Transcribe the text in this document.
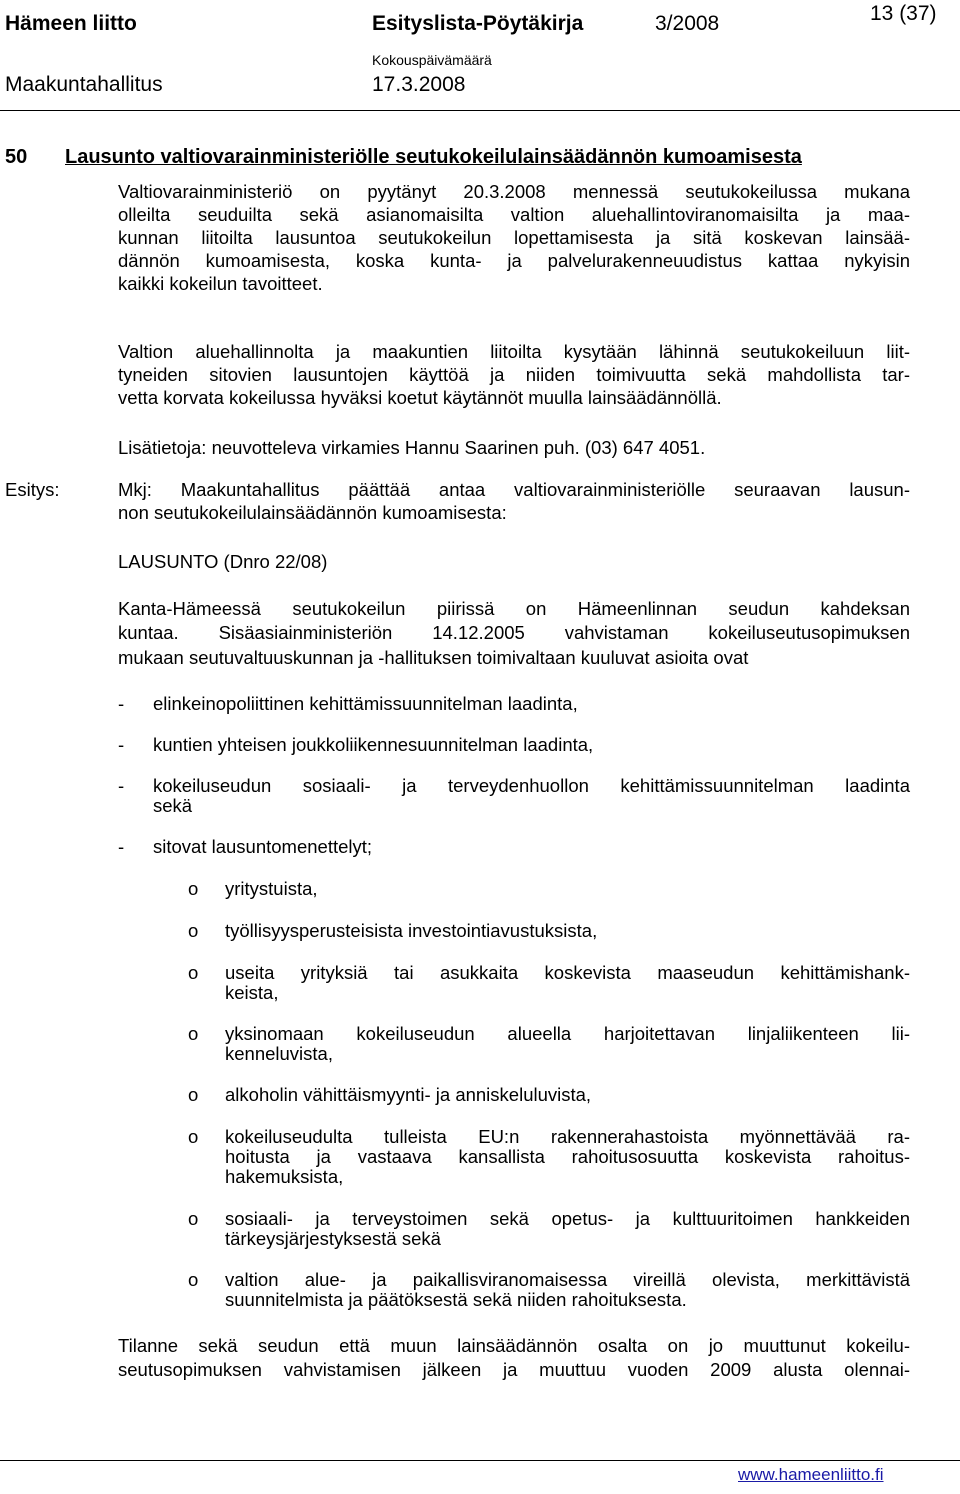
Hämeen liitto	Esityslista-Pöytäkirja	3/2008	13 (37)
Kokouspäivämäärä
Maakuntahallitus	17.3.2008
50 Lausunto valtiovarainministeriölle seutukokeilulainsäädännön kumoamisesta
Valtiovarainministeriö on pyytänyt 20.3.2008 mennessä seutukokeilussa mukana
olleilta seuduilta sekä asianomaisilta valtion aluehallintoviranomaisilta ja maa-
kunnan liitoilta lausuntoa seutukokeilun lopettamisesta ja sitä koskevan lainsää-
dännön kumoamisesta, koska kunta- ja palvelurakenneuudistus kattaa nykyisin
kaikki kokeilun tavoitteet.
Valtion aluehallinnolta ja maakuntien liitoilta kysytään lähinnä seutukokeiluun liit-
tyneiden sitovien lausuntojen käyttöä ja niiden toimivuutta sekä mahdollista tar-
vetta korvata kokeilussa hyväksi koetut käytännöt muulla lainsäädännöllä.
Lisätietoja: neuvotteleva virkamies Hannu Saarinen puh. (03) 647 4051.
Esitys:	Mkj: Maakuntahallitus päättää antaa valtiovarainministeriölle seuraavan lausun-
non seutukokeilulainsäädännön kumoamisesta:
LAUSUNTO (Dnro 22/08)
Kanta-Hämeessä seutukokeilun piirissä on Hämeenlinnan seudun kahdeksan
kuntaa. Sisäasiainministeriön 14.12.2005 vahvistaman kokeiluseutusopimuksen
mukaan seutuvaltuuskunnan ja -hallituksen toimivaltaan kuuluvat asioita ovat
- elinkeinopoliittinen kehittämissuunnitelman laadinta,
- kuntien yhteisen joukkoliikennesuunnitelman laadinta,
- kokeiluseudun sosiaali- ja terveydenhuollon kehittämissuunnitelman laadinta
sekä
- sitovat lausuntomenettelyt;
o yritystuista,
o työllisyysperusteisista investointiavustuksista,
o useita yrityksiä tai asukkaita koskevista maaseudun kehittämishank-
keista,
o yksinomaan kokeiluseudun alueella harjoitettavan linjaliikenteen lii-
kenneluvista,
o alkoholin vähittäismyynti- ja anniskeluluvista,
o kokeiluseudulta tulleista EU:n rakennerahastoista myönnettävää ra-
hoitusta ja vastaava kansallista rahoitusosuutta koskevista rahoitus-
hakemuksista,
o sosiaali- ja terveystoimen sekä opetus- ja kulttuuritoimen hankkeiden
tärkeysjärjestyksestä sekä
o valtion alue- ja paikallisviranomaisessa vireillä olevista, merkittävistä
suunnitelmista ja päätöksestä sekä niiden rahoituksesta.
Tilanne sekä seudun että muun lainsäädännön osalta on jo muuttunut kokeilu-
seutusopimuksen vahvistamisen jälkeen ja muuttuu vuoden 2009 alusta olennai-
www.hameenliitto.fi
